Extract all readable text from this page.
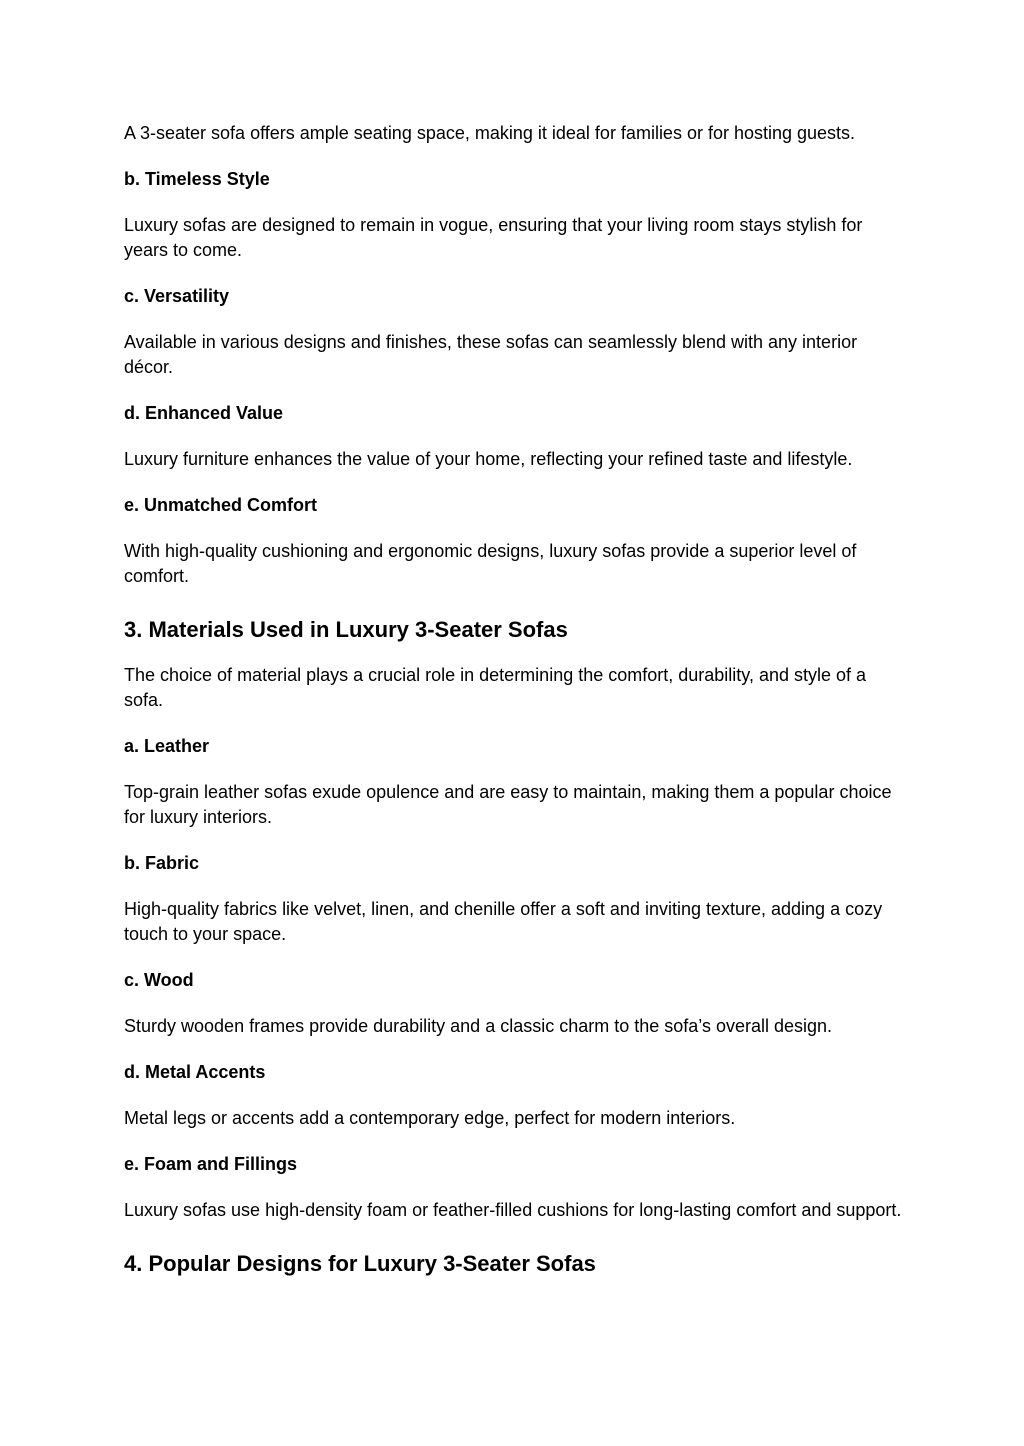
A 3-seater sofa offers ample seating space, making it ideal for families or for hosting guests.

b. Timeless Style

Luxury sofas are designed to remain in vogue, ensuring that your living room stays stylish for years to come.

c. Versatility

Available in various designs and finishes, these sofas can seamlessly blend with any interior décor.

d. Enhanced Value

Luxury furniture enhances the value of your home, reflecting your refined taste and lifestyle.

e. Unmatched Comfort

With high-quality cushioning and ergonomic designs, luxury sofas provide a superior level of comfort.

3. Materials Used in Luxury 3-Seater Sofas

The choice of material plays a crucial role in determining the comfort, durability, and style of a sofa.

a. Leather

Top-grain leather sofas exude opulence and are easy to maintain, making them a popular choice for luxury interiors.

b. Fabric

High-quality fabrics like velvet, linen, and chenille offer a soft and inviting texture, adding a cozy touch to your space.

c. Wood

Sturdy wooden frames provide durability and a classic charm to the sofa’s overall design.

d. Metal Accents

Metal legs or accents add a contemporary edge, perfect for modern interiors.

e. Foam and Fillings

Luxury sofas use high-density foam or feather-filled cushions for long-lasting comfort and support.

4. Popular Designs for Luxury 3-Seater Sofas
